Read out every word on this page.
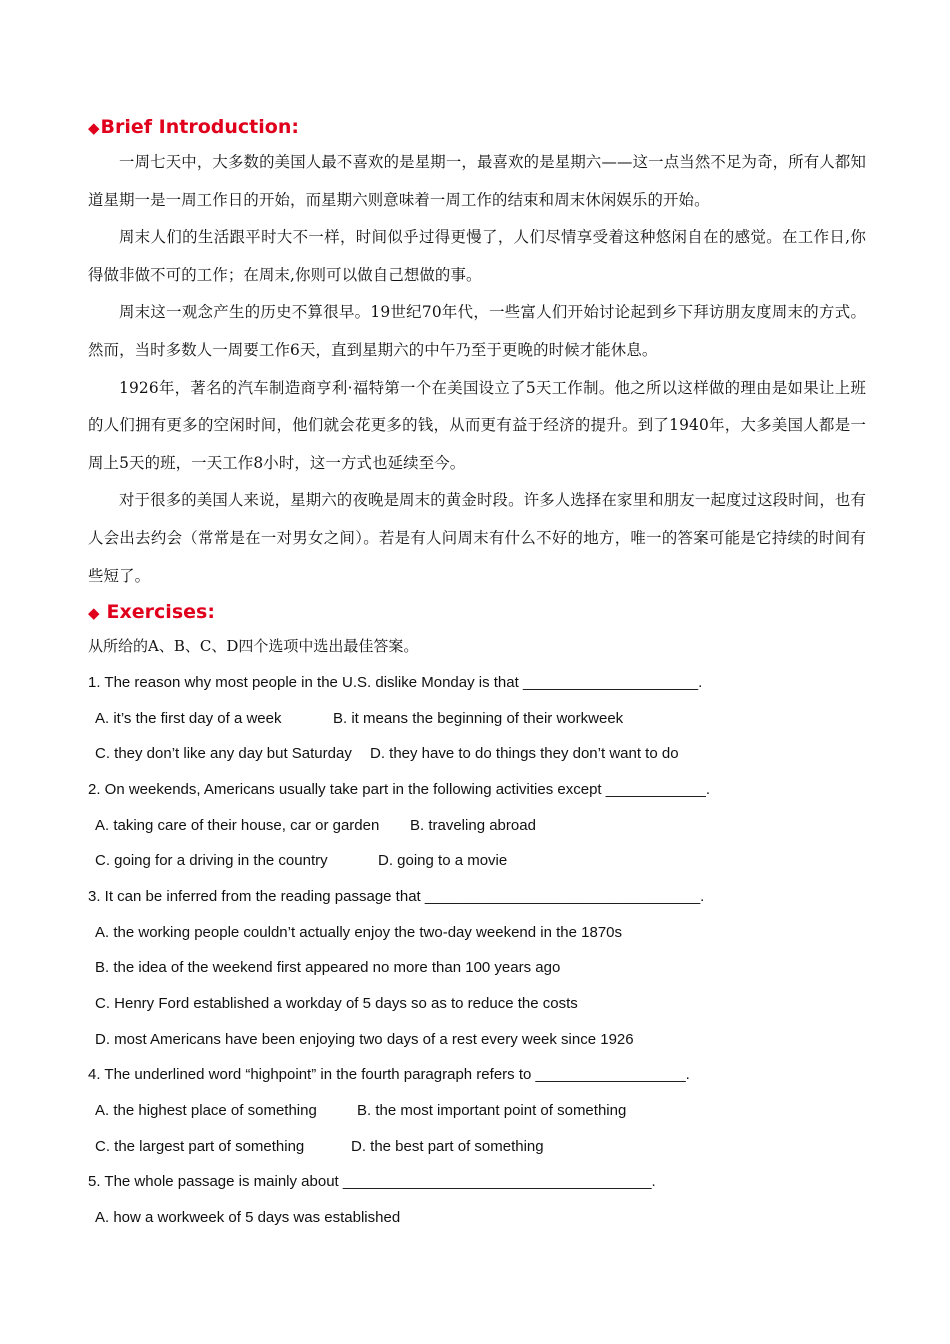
◆Brief Introduction:

一周七天中，大多数的美国人最不喜欢的是星期一，最喜欢的是星期六——这一点当然不足为奇，所有人都知道星期一是一周工作日的开始，而星期六则意味着一周工作的结束和周末休闲娱乐的开始。

周末人们的生活跟平时大不一样，时间似乎过得更慢了，人们尽情享受着这种悠闲自在的感觉。在工作日,你得做非做不可的工作；在周末,你则可以做自己想做的事。

周末这一观念产生的历史不算很早。19世纪70年代，一些富人们开始讨论起到乡下拜访朋友度周末的方式。然而，当时多数人一周要工作6天，直到星期六的中午乃至于更晚的时候才能休息。

1926年，著名的汽车制造商亨利·福特第一个在美国设立了5天工作制。他之所以这样做的理由是如果让上班的人们拥有更多的空闲时间，他们就会花更多的钱，从而更有益于经济的提升。到了1940年，大多美国人都是一周上5天的班，一天工作8小时，这一方式也延续至今。

对于很多的美国人来说，星期六的夜晚是周末的黄金时段。许多人选择在家里和朋友一起度过这段时间，也有人会出去约会（常常是在一对男女之间）。若是有人问周末有什么不好的地方，唯一的答案可能是它持续的时间有些短了。

◆ Exercises:
从所给的A、B、C、D四个选项中选出最佳答案。
1. The reason why most people in the U.S. dislike Monday is that _____________________.
A. it’s the first day of a week	B. it means the beginning of their workweek
C. they don’t like any day but Saturday D. they have to do things they don’t want to do
2. On weekends, Americans usually take part in the following activities except ____________.
A. taking care of their house, car or garden B. traveling abroad
C. going for a driving in the country	D. going to a movie
3. It can be inferred from the reading passage that _________________________________.
A. the working people couldn’t actually enjoy the two-day weekend in the 1870s
B. the idea of the weekend first appeared no more than 100 years ago
C. Henry Ford established a workday of 5 days so as to reduce the costs
D. most Americans have been enjoying two days of a rest every week since 1926
4. The underlined word “highpoint” in the fourth paragraph refers to __________________.
A. the highest place of something	B. the most important point of something
C. the largest part of something	D. the best part of something
5. The whole passage is mainly about _____________________________________.
A. how a workweek of 5 days was established
